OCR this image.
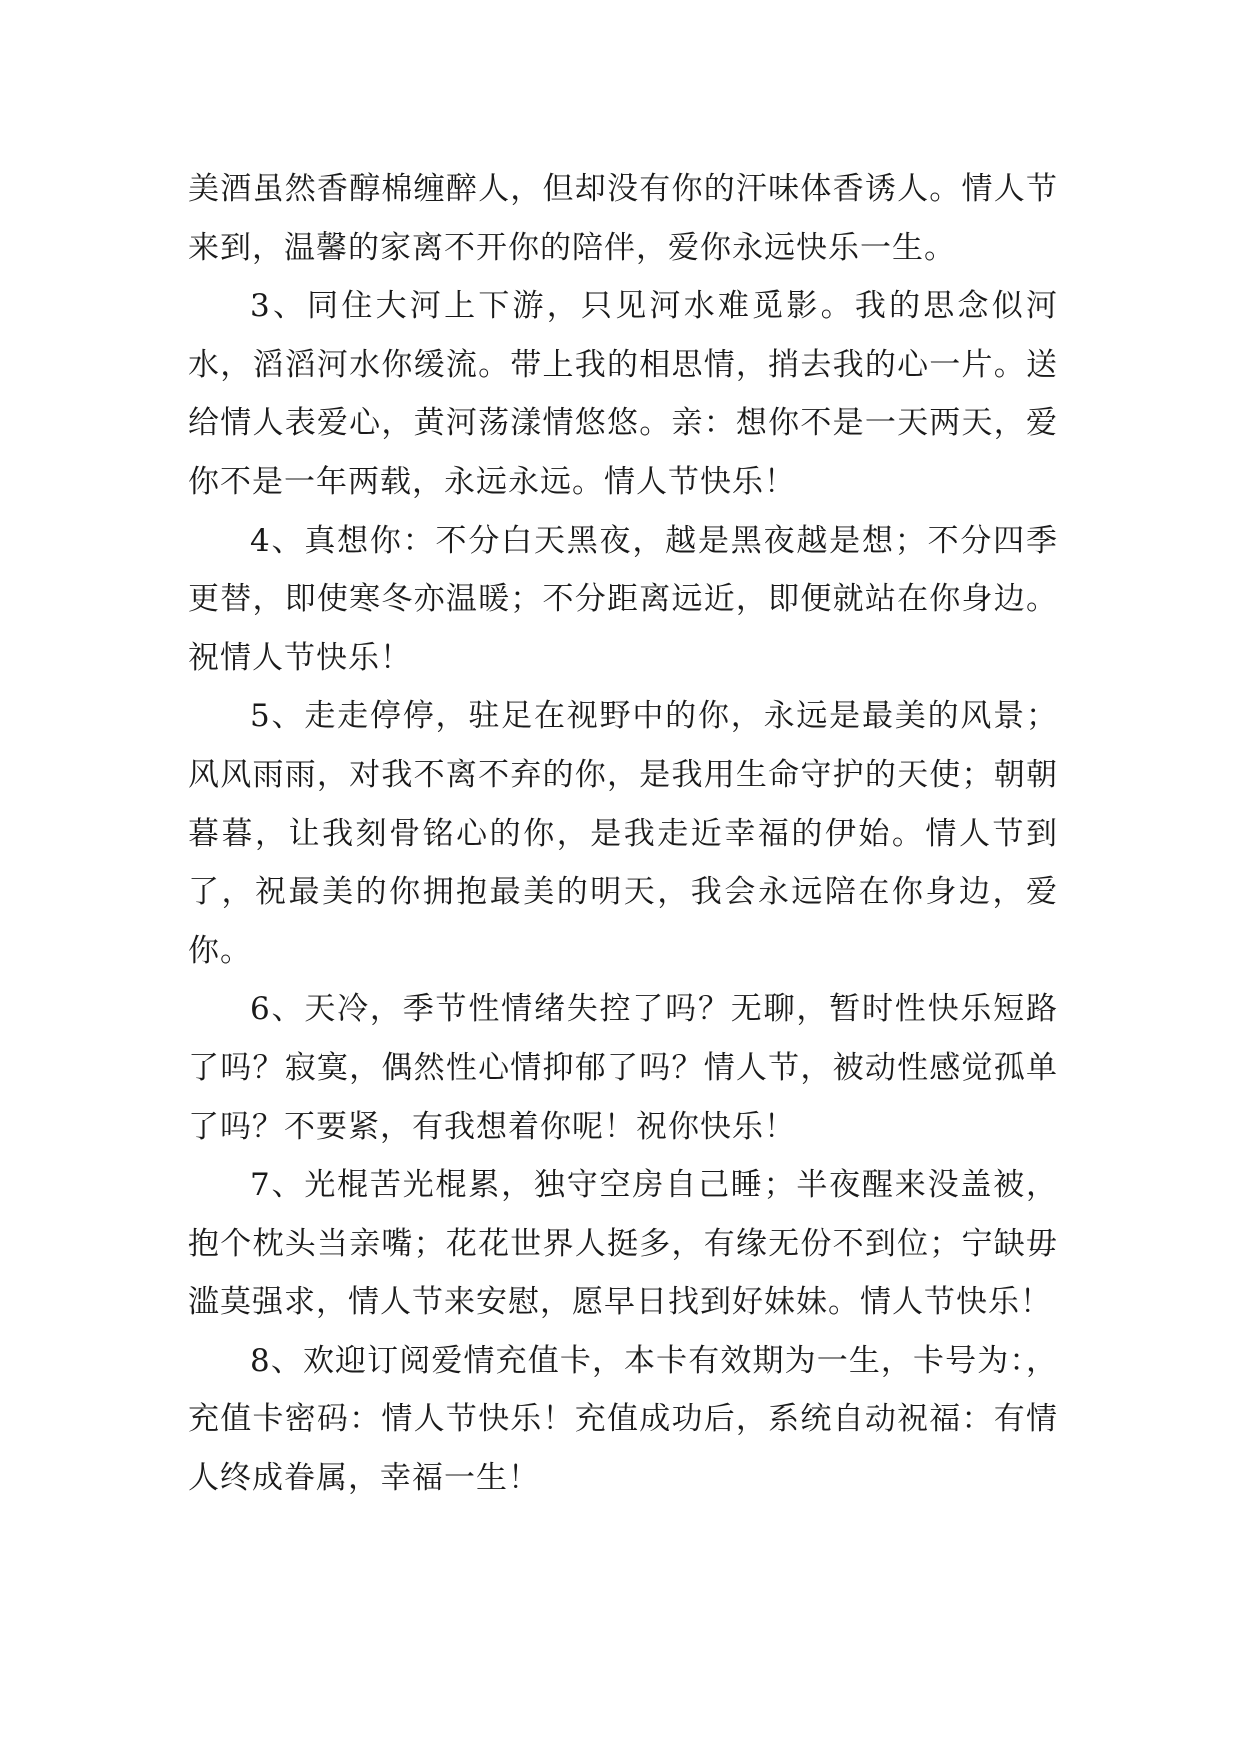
美酒虽然香醇棉缠醉人，但却没有你的汗味体香诱人。情人节来到，温馨的家离不开你的陪伴，爱你永远快乐一生。

3、同住大河上下游，只见河水难觅影。我的思念似河水，滔滔河水你缓流。带上我的相思情，捎去我的心一片。送给情人表爱心，黄河荡漾情悠悠。亲：想你不是一天两天，爱你不是一年两载，永远永远。情人节快乐！

4、真想你：不分白天黑夜，越是黑夜越是想；不分四季更替，即使寒冬亦温暖；不分距离远近，即便就站在你身边。祝情人节快乐！

5、走走停停，驻足在视野中的你，永远是最美的风景；风风雨雨，对我不离不弃的你，是我用生命守护的天使；朝朝暮暮，让我刻骨铭心的你，是我走近幸福的伊始。情人节到了，祝最美的你拥抱最美的明天，我会永远陪在你身边，爱你。

6、天冷，季节性情绪失控了吗？无聊，暂时性快乐短路了吗？寂寞，偶然性心情抑郁了吗？情人节，被动性感觉孤单了吗？不要紧，有我想着你呢！祝你快乐！

7、光棍苦光棍累，独守空房自己睡；半夜醒来没盖被，抱个枕头当亲嘴；花花世界人挺多，有缘无份不到位；宁缺毋滥莫强求，情人节来安慰，愿早日找到好妹妹。情人节快乐！

8、欢迎订阅爱情充值卡，本卡有效期为一生，卡号为：，充值卡密码：情人节快乐！充值成功后，系统自动祝福：有情人终成眷属，幸福一生！
